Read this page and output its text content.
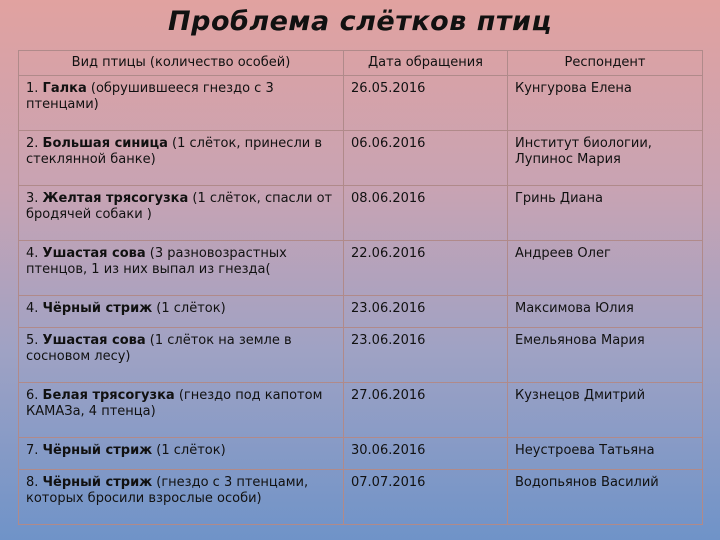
Проблема слётков птиц
Вид птицы (количество особей)	Дата обращения	Респондент
1. Галка (обрушившееся гнездо с 3 птенцами)	26.05.2016	Кунгурова Елена
2. Большая синица (1 слёток, принесли в стеклянной банке)	06.06.2016	Институт биологии, Лупинос Мария
3. Желтая трясогузка (1 слёток, спасли от бродячей собаки )	08.06.2016	Гринь Диана
4. Ушастая сова (3 разновозрастных птенцов, 1 из них выпал из гнезда(	22.06.2016	Андреев Олег
4. Чёрный стриж (1 слёток)	23.06.2016	Максимова Юлия
5. Ушастая сова (1 слёток на земле в сосновом лесу)	23.06.2016	Емельянова Мария
6. Белая трясогузка (гнездо под капотом КАМАЗа, 4 птенца)	27.06.2016	Кузнецов Дмитрий
7. Чёрный стриж (1 слёток)	30.06.2016	Неустроева Татьяна
8. Чёрный стриж (гнездо с 3 птенцами, которых бросили взрослые особи)	07.07.2016	Водопьянов Василий
